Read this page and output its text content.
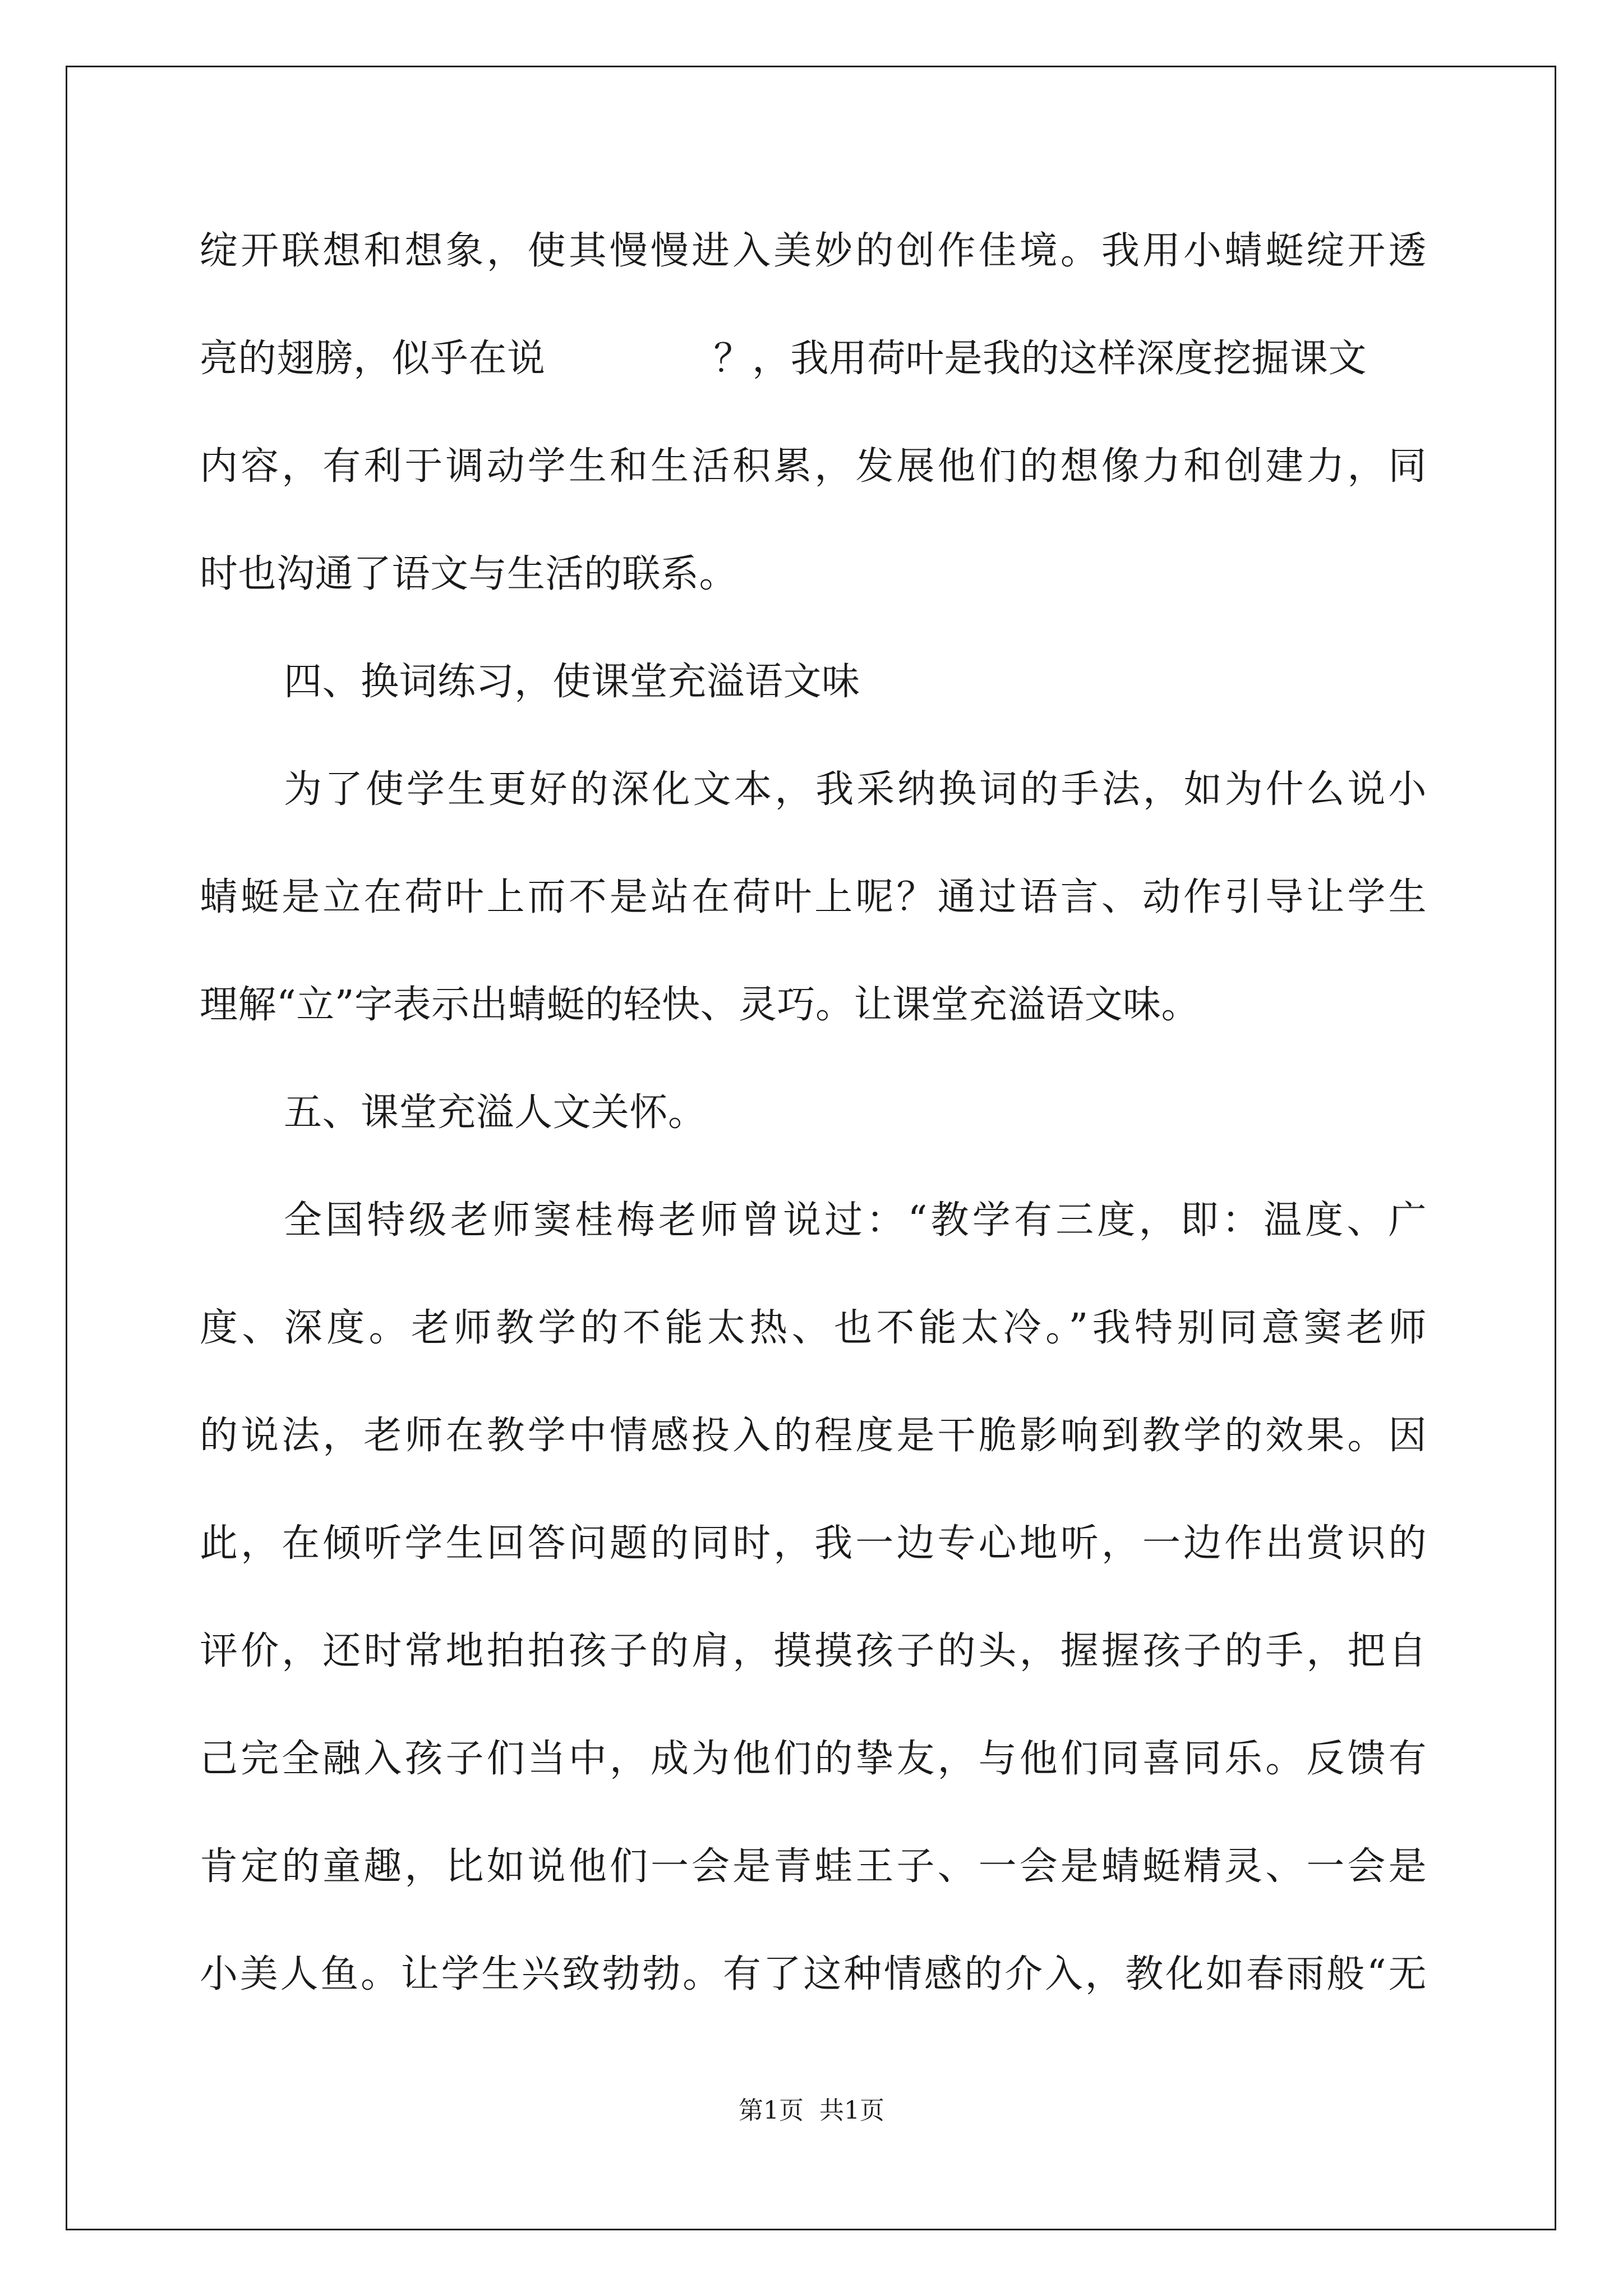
绽开联想和想象，使其慢慢进入美妙的创作佳境。我用小蜻蜓绽开透
亮的翅膀，似乎在说	？，我用荷叶是我的这样深度挖掘课文
内容，有利于调动学生和生活积累，发展他们的想像力和创建力，同
时也沟通了语文与生活的联系。
四、换词练习，使课堂充溢语文味
为了使学生更好的深化文本，我采纳换词的手法，如为什么说小
蜻蜓是立在荷叶上而不是站在荷叶上呢？通过语言、动作引导让学生
理解“立”字表示出蜻蜓的轻快、灵巧。让课堂充溢语文味。
五、课堂充溢人文关怀。
全国特级老师窦桂梅老师曾说过：“教学有三度，即：温度、广
度、深度。老师教学的不能太热、也不能太冷。”我特别同意窦老师
的说法，老师在教学中情感投入的程度是干脆影响到教学的效果。因
此，在倾听学生回答问题的同时，我一边专心地听，一边作出赏识的
评价，还时常地拍拍孩子的肩，摸摸孩子的头，握握孩子的手，把自
己完全融入孩子们当中，成为他们的挚友，与他们同喜同乐。反馈有
肯定的童趣，比如说他们一会是青蛙王子、一会是蜻蜓精灵、一会是
小美人鱼。让学生兴致勃勃。有了这种情感的介入，教化如春雨般“无
第1页 共1页
